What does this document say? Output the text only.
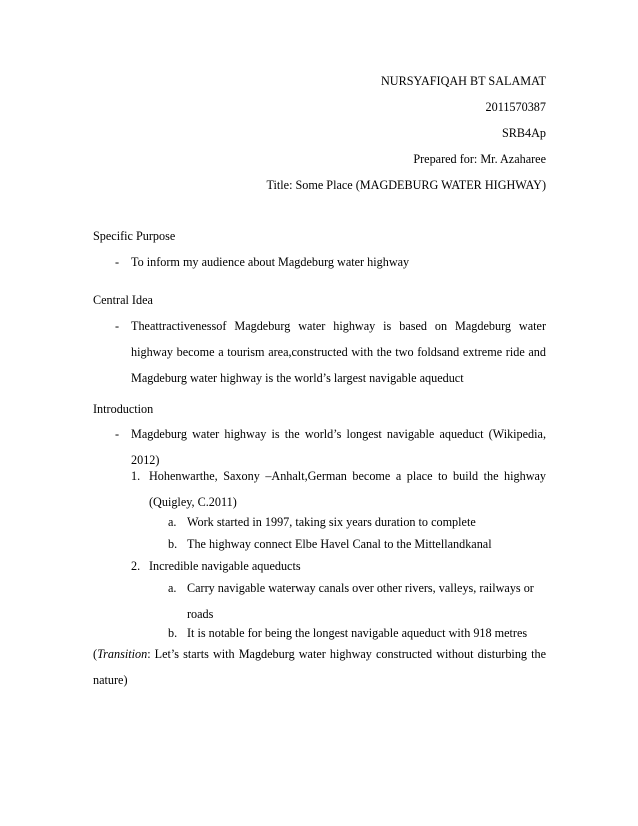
NURSYAFIQAH BT SALAMAT
2011570387
SRB4Ap
Prepared for: Mr. Azaharee
Title: Some Place (MAGDEBURG WATER HIGHWAY)
Specific Purpose
- To inform my audience about Magdeburg water highway
Central Idea
- Theattractivenessof Magdeburg water highway is based on Magdeburg water highway become a tourism area,constructed with the two foldsand extreme ride and Magdeburg water highway is the world’s largest navigable aqueduct
Introduction
- Magdeburg water highway is the world’s longest navigable aqueduct (Wikipedia, 2012)
1. Hohenwarthe, Saxony –Anhalt,German become a place to build the highway (Quigley, C.2011)
a. Work started in 1997, taking six years duration to complete
b. The highway connect Elbe Havel Canal to the Mittellandkanal
2. Incredible navigable aqueducts
a. Carry navigable waterway canals over other rivers, valleys, railways or roads
b. It is notable for being the longest navigable aqueduct with 918 metres
(Transition: Let’s starts with Magdeburg water highway constructed without disturbing the nature)
